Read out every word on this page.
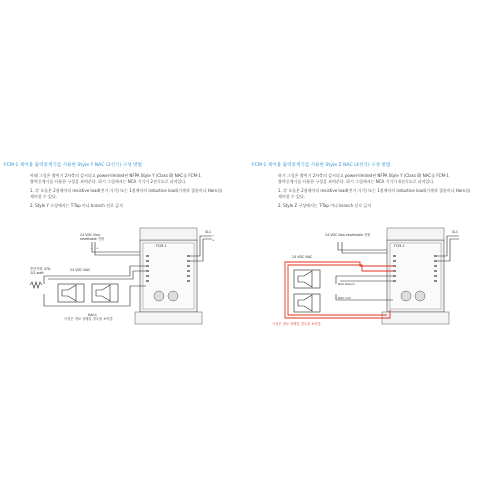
FCM-1 제어용 출력중계기를 사용한 Style Y NAC (2선식) 구성 방법
아래 그림은 출력기 2차측의 감시되고 power-limited된 NFPA Style Y (Class B) NAC를 FCM-1
출력중계기를 사용한 구성을 보여준다. 하기 그림에서는 NCA 기기가 2선식으로 되어있다.
1. 각 모듈은 2점제어의 resistive load(전기 기기) 또는 1점제어의 inductive load(기계적 경종이나 Horn)를
제어할 수 있다.
2. Style Y 구성에서는 T-Tap 이나 branch 선로 금지
FCM-1 제어용 출력중계기를 사용한 Style Z NAC (4선식) 구성 방법
하기 그림은 출력기 2차측의 감시되고 power-limited된 NFPA Style Y (Class B) NAC를 FCM-1
출력중계기를 사용한 구성을 보여준다. 하기 그림에서는 NCA 기기가 4선식으로 되어있다.
1. 각 모듈은 2점제어의 resistive load(전기 기기) 또는 1점제어의 inductive load(기계적 경종이나 Horn)를
제어할 수 있다.
2. Style Z 구성에서는 T-Tap 이나 branch 선로 금지
24 VDC Non-
resettable 전원
− +	FCM-1
SLC
−
+
24 VDC NAC
종단저항 47K,
1/2-watt
NACs
극성은 경보 상태일 경우를 보여줌
24 VDC Non-resettable 전원
FCM-1
SLC
24 VDC NAC
NAC Return
NAC Out
극성은 경보 상태일 경우를 보여줌
